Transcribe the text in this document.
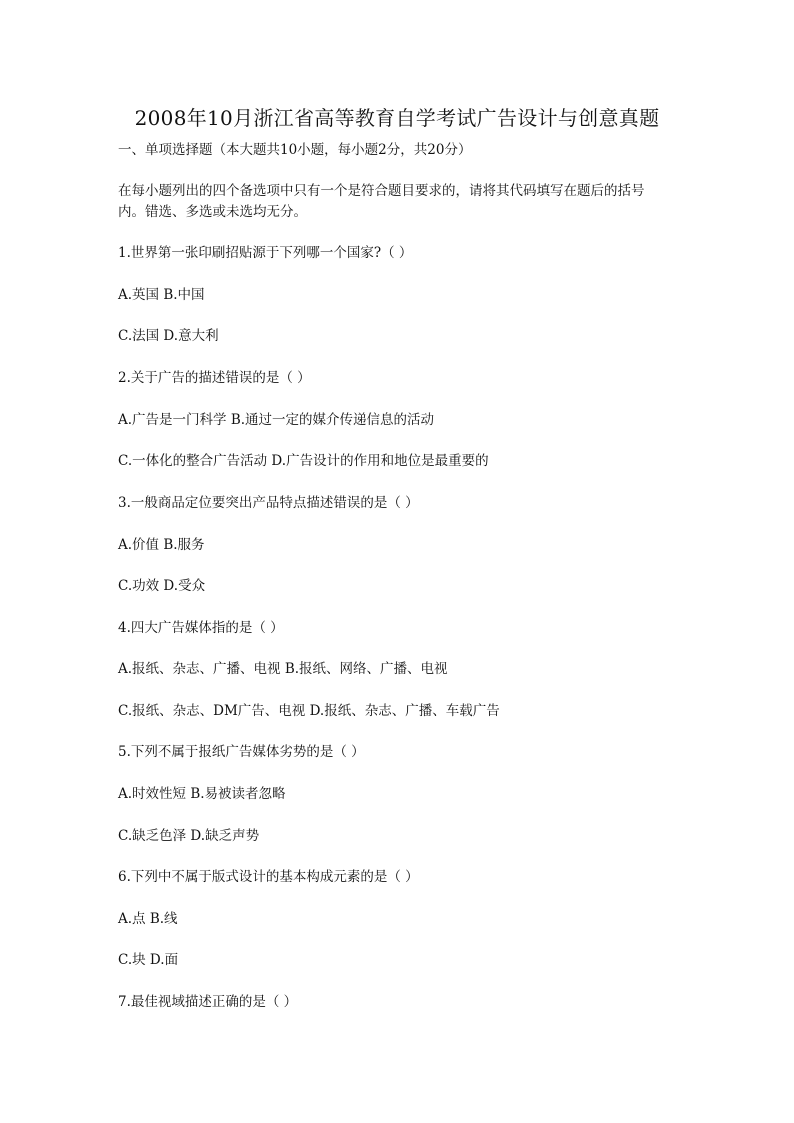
2008年10月浙江省高等教育自学考试广告设计与创意真题
一、单项选择题（本大题共10小题，每小题2分，共20分）
在每小题列出的四个备选项中只有一个是符合题目要求的，请将其代码填写在题后的括号
内。错选、多选或未选均无分。
1.世界第一张印刷招贴源于下列哪一个国家?（ ）
A.英国 B.中国
C.法国 D.意大利
2.关于广告的描述错误的是（ ）
A.广告是一门科学 B.通过一定的媒介传递信息的活动
C.一体化的整合广告活动 D.广告设计的作用和地位是最重要的
3.一般商品定位要突出产品特点描述错误的是（ ）
A.价值 B.服务
C.功效 D.受众
4.四大广告媒体指的是（ ）
A.报纸、杂志、广播、电视 B.报纸、网络、广播、电视
C.报纸、杂志、DM广告、电视 D.报纸、杂志、广播、车载广告
5.下列不属于报纸广告媒体劣势的是（ ）
A.时效性短 B.易被读者忽略
C.缺乏色泽 D.缺乏声势
6.下列中不属于版式设计的基本构成元素的是（ ）
A.点 B.线
C.块 D.面
7.最佳视域描述正确的是（ ）
